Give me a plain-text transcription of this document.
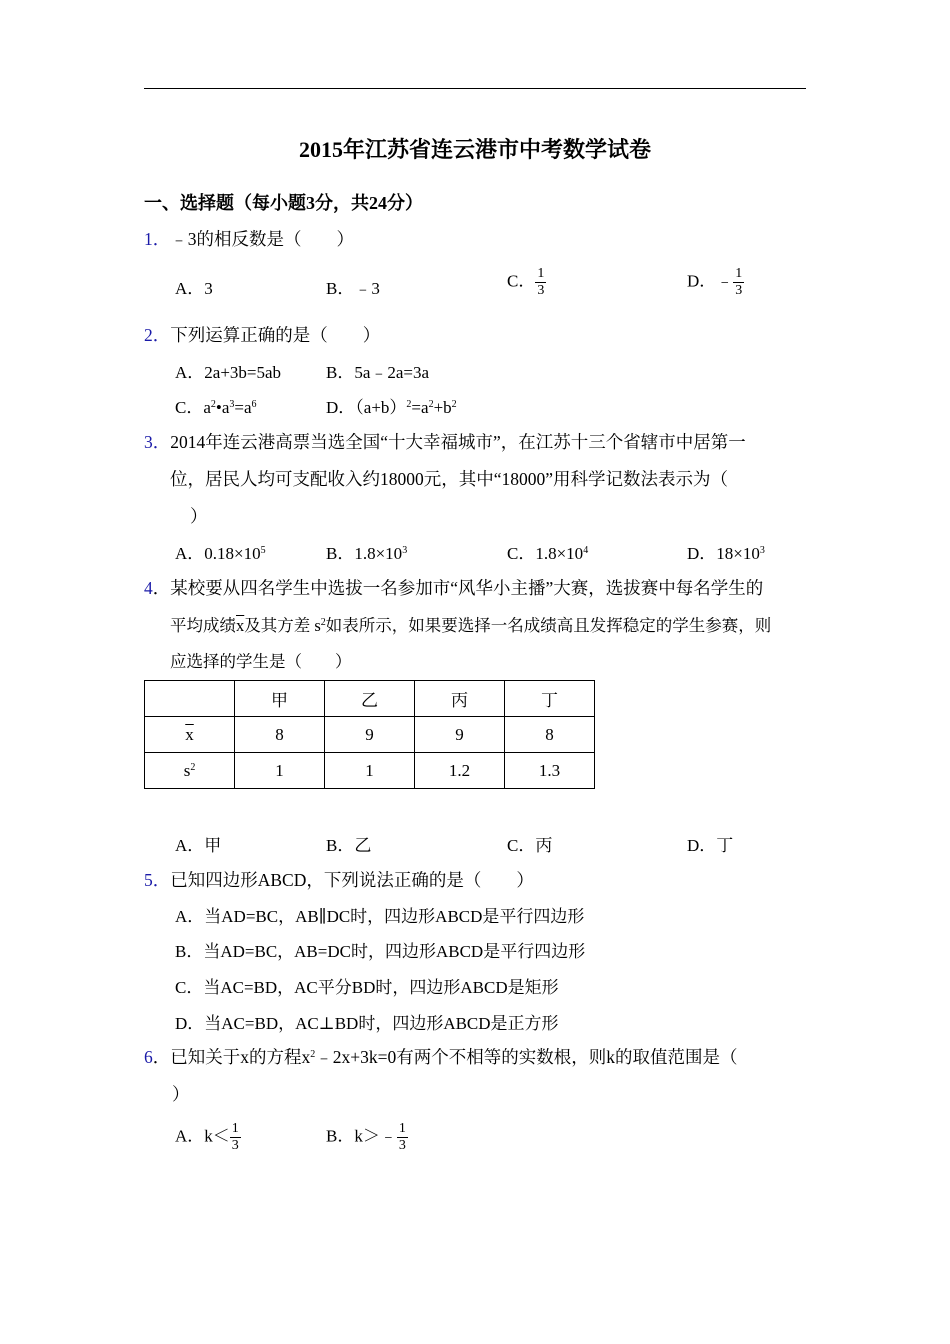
2015年江苏省连云港市中考数学试卷
一、选择题（每小题3分，共24分）
1．﹣3的相反数是（　　）
A．3	B．﹣3	C． $\frac{1}{3}$	D．﹣ $\frac{1}{3}$
2．下列运算正确的是（　　）
A．2a+3b=5ab	B．5a﹣2a=3a
C．$a^2•a^3=a^6$	D．$(a+b)^2=a^2+b^2$
3．2014年连云港高票当选全国“十大幸福城市”，在江苏十三个省辖市中居第一
位，居民人均可支配收入约18000元，其中“18000”用科学记数法表示为（
）
A．$0.18\times 10^5$	B．$1.8\times 10^3$	C．$1.8\times 10^4$	D．$18\times 10^3$
4．某校要从四名学生中选拔一名参加市“风华小主播”大赛，选拔赛中每名学生的
平均成绩$\overline{x}$及其方差 $s^2$如表所示，如果要选择一名成绩高且发挥稳定的学生参赛，则
应选择的学生是（　　）
	甲	乙	丙	丁
$\overline{x}$	8	9	9	8
$s^2$	1	1	1.2	1.3
A．甲	B．乙	C．丙	D．丁
5．已知四边形ABCD，下列说法正确的是（　　）
A．当AD=BC，AB∥DC时，四边形ABCD是平行四边形
B．当AD=BC，AB=DC时，四边形ABCD是平行四边形
C．当AC=BD，AC平分BD时，四边形ABCD是矩形
D．当AC=BD，AC⊥BD时，四边形ABCD是正方形
6．已知关于x的方程$x^2﹣2x+3k=0$有两个不相等的实数根，则k的取值范围是（
）
A．$k< \frac{1}{3}$	B．k＞﹣ $\frac{1}{3}$
